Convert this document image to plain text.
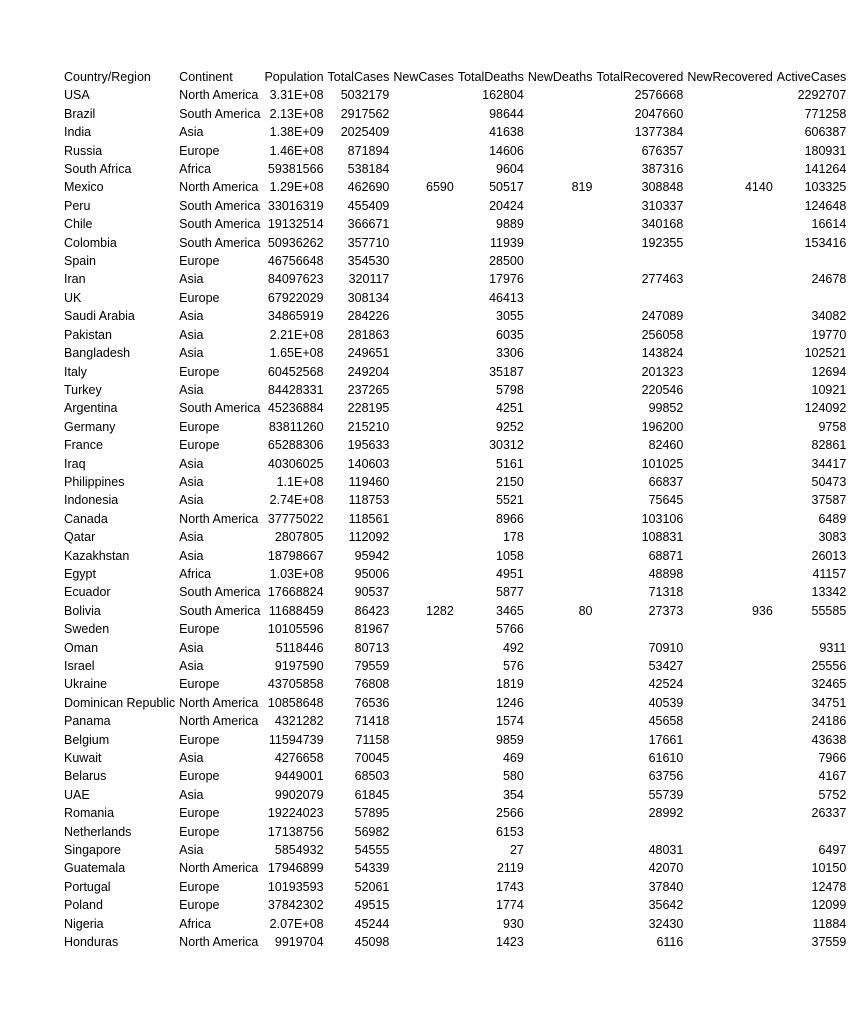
Country/Region	Continent	Population	TotalCases	NewCases	TotalDeaths	NewDeaths	TotalRecovered	NewRecovered	ActiveCases
USA	North America	3.31E+08	5032179		162804		2576668		2292707
Brazil	South America	2.13E+08	2917562		98644		2047660		771258
India	Asia	1.38E+09	2025409		41638		1377384		606387
Russia	Europe	1.46E+08	871894		14606		676357		180931
South Africa	Africa	59381566	538184		9604		387316		141264
Mexico	North America	1.29E+08	462690	6590	50517	819	308848	4140	103325
Peru	South America	33016319	455409		20424		310337		124648
Chile	South America	19132514	366671		9889		340168		16614
Colombia	South America	50936262	357710		11939		192355		153416
Spain	Europe	46756648	354530		28500				
Iran	Asia	84097623	320117		17976		277463		24678
UK	Europe	67922029	308134		46413				
Saudi Arabia	Asia	34865919	284226		3055		247089		34082
Pakistan	Asia	2.21E+08	281863		6035		256058		19770
Bangladesh	Asia	1.65E+08	249651		3306		143824		102521
Italy	Europe	60452568	249204		35187		201323		12694
Turkey	Asia	84428331	237265		5798		220546		10921
Argentina	South America	45236884	228195		4251		99852		124092
Germany	Europe	83811260	215210		9252		196200		9758
France	Europe	65288306	195633		30312		82460		82861
Iraq	Asia	40306025	140603		5161		101025		34417
Philippines	Asia	1.1E+08	119460		2150		66837		50473
Indonesia	Asia	2.74E+08	118753		5521		75645		37587
Canada	North America	37775022	118561		8966		103106		6489
Qatar	Asia	2807805	112092		178		108831		3083
Kazakhstan	Asia	18798667	95942		1058		68871		26013
Egypt	Africa	1.03E+08	95006		4951		48898		41157
Ecuador	South America	17668824	90537		5877		71318		13342
Bolivia	South America	11688459	86423	1282	3465	80	27373	936	55585
Sweden	Europe	10105596	81967		5766				
Oman	Asia	5118446	80713		492		70910		9311
Israel	Asia	9197590	79559		576		53427		25556
Ukraine	Europe	43705858	76808		1819		42524		32465
Dominican Republic	North America	10858648	76536		1246		40539		34751
Panama	North America	4321282	71418		1574		45658		24186
Belgium	Europe	11594739	71158		9859		17661		43638
Kuwait	Asia	4276658	70045		469		61610		7966
Belarus	Europe	9449001	68503		580		63756		4167
UAE	Asia	9902079	61845		354		55739		5752
Romania	Europe	19224023	57895		2566		28992		26337
Netherlands	Europe	17138756	56982		6153				
Singapore	Asia	5854932	54555		27		48031		6497
Guatemala	North America	17946899	54339		2119		42070		10150
Portugal	Europe	10193593	52061		1743		37840		12478
Poland	Europe	37842302	49515		1774		35642		12099
Nigeria	Africa	2.07E+08	45244		930		32430		11884
Honduras	North America	9919704	45098		1423		6116		37559
